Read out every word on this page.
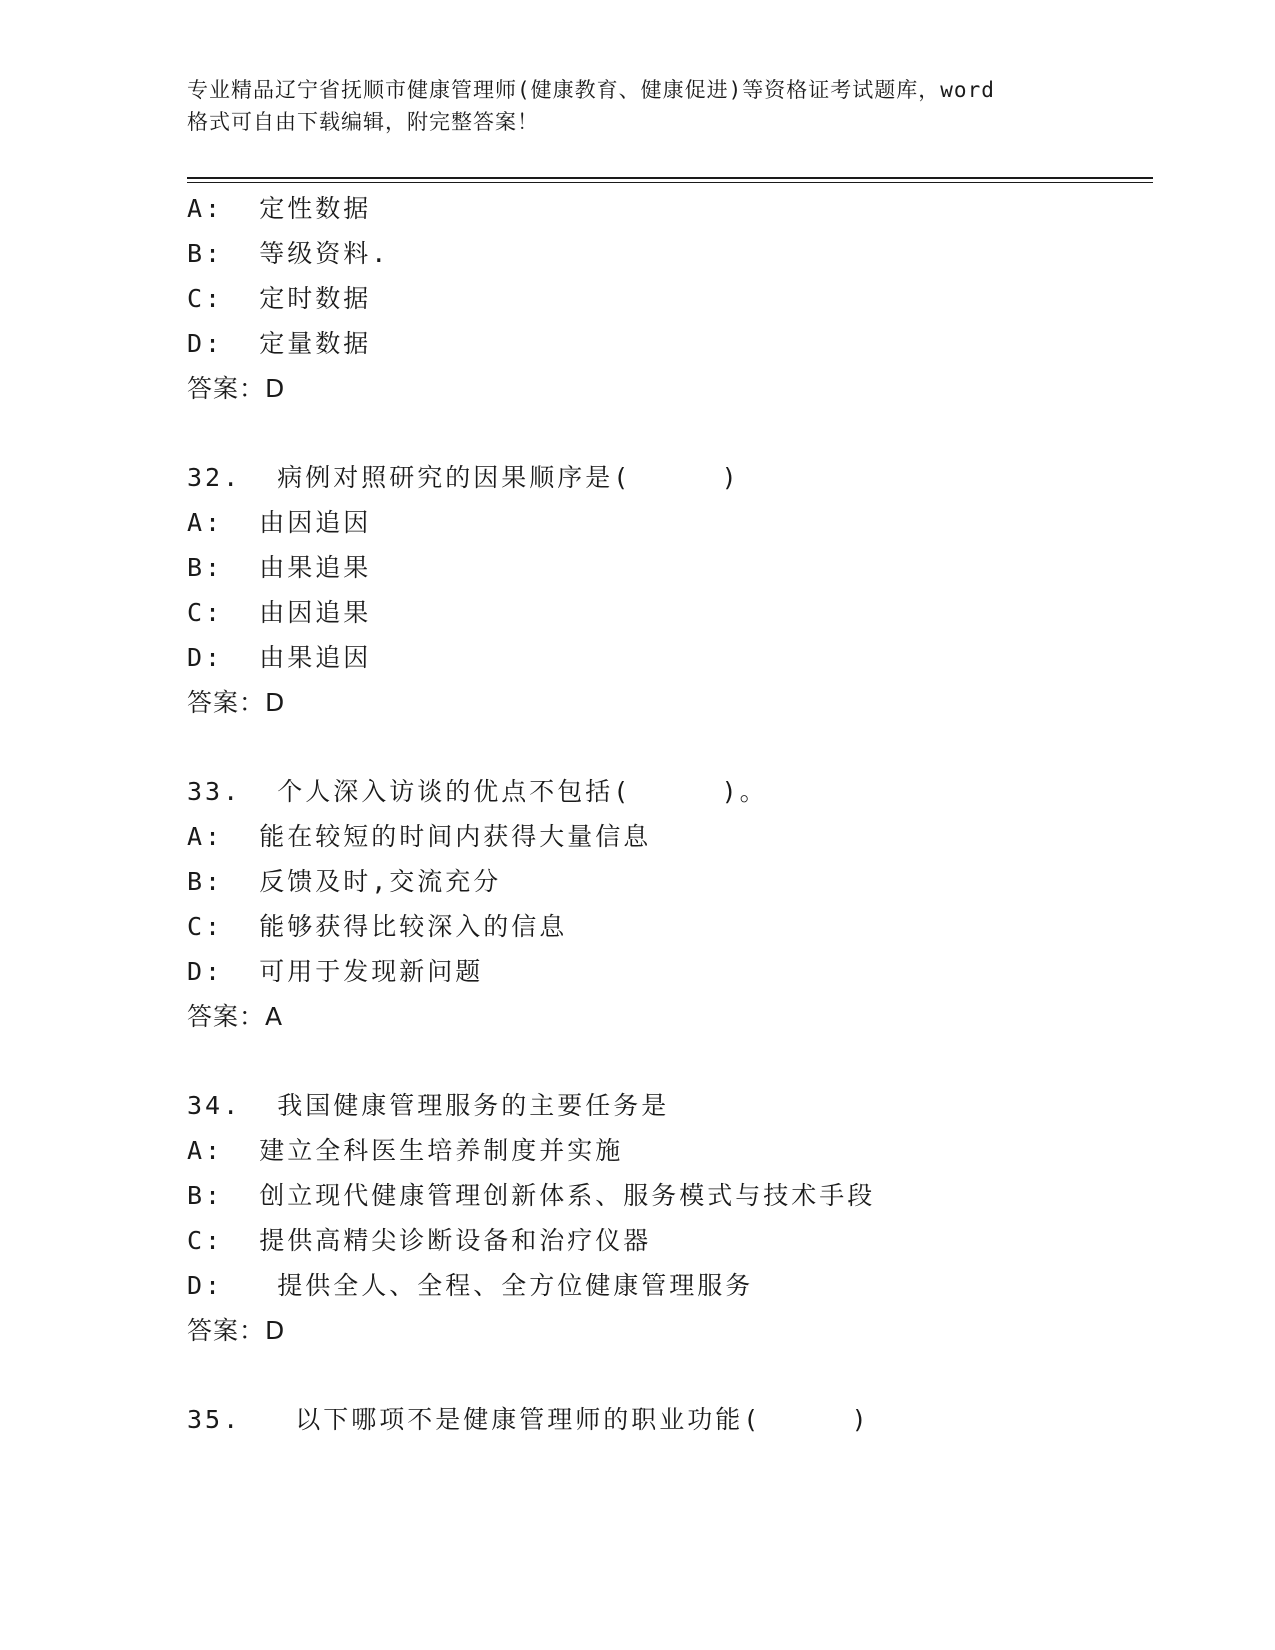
专业精品辽宁省抚顺市健康管理师(健康教育、健康促进)等资格证考试题库，word
格式可自由下载编辑，附完整答案！
A:  定性数据
B:  等级资料.
C:  定时数据
D:  定量数据
答案：D
32.  病例对照研究的因果顺序是(     )
A:  由因追因
B:  由果追果
C:  由因追果
D:  由果追因
答案：D
33.  个人深入访谈的优点不包括(     )。
A:  能在较短的时间内获得大量信息
B:  反馈及时,交流充分
C:  能够获得比较深入的信息
D:  可用于发现新问题
答案：A
34.  我国健康管理服务的主要任务是
A:  建立全科医生培养制度并实施
B:  创立现代健康管理创新体系、服务模式与技术手段
C:  提供高精尖诊断设备和治疗仪器
D:   提供全人、全程、全方位健康管理服务
答案：D
35.   以下哪项不是健康管理师的职业功能(     )
